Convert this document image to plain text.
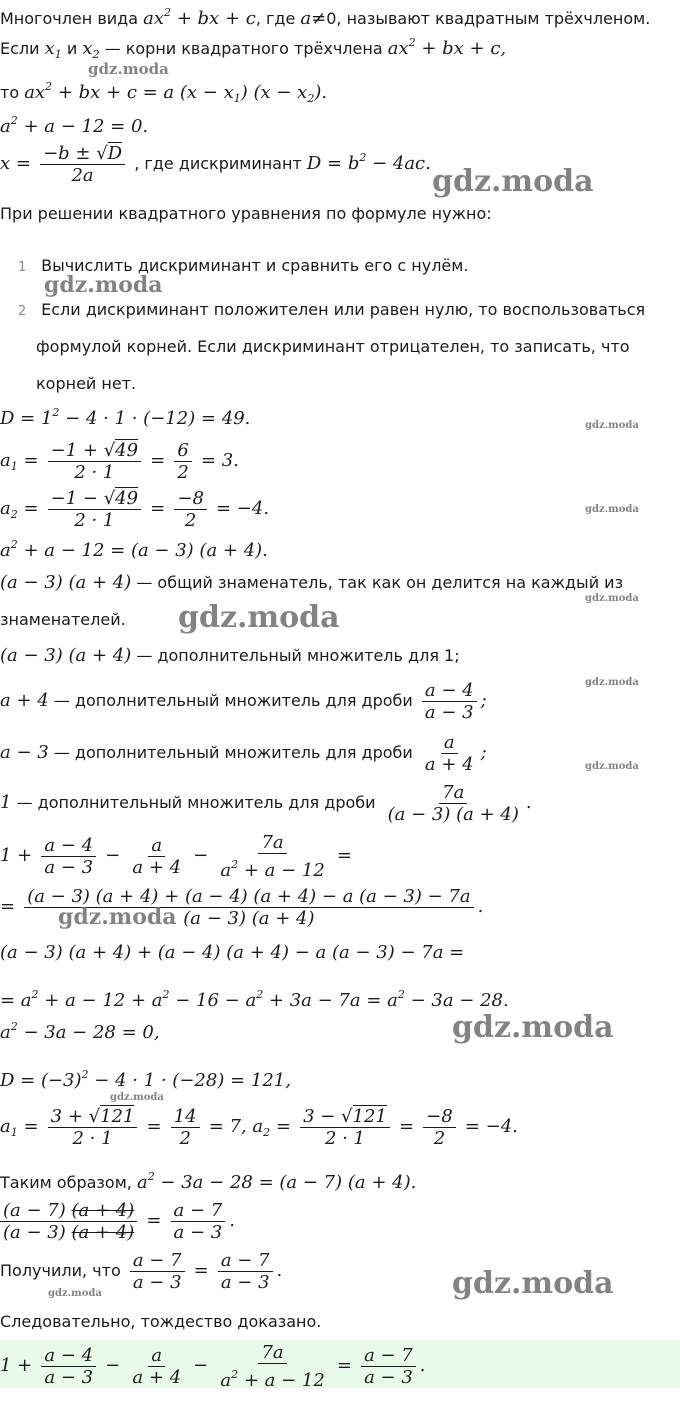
Многочлен вида $ax^2$ + bx + c, где a≠0, называют квадратным трёхчленом.
Если $x_1$ и $x_2$ — корни квадратного трёхчлена $ax^2$ + bx + c,
то $ax^2$ + bx + c = a $(x - x_1)$ $(x - x_2)$.
$a^2 + a - 12 = 0$.
$x = \frac{-b \pm √D}{2a}$ , где дискриминант $D = b^2 - 4ac$.
При решении квадратного уравнения по формуле нужно:
1 Вычислить дискриминант и сравнить его с нулём.
2 Если дискриминант положителен или равен нулю, то воспользоваться
формулой корней. Если дискриминант отрицателен, то записать, что
корней нет.
$D = 1^2 - 4 \cdot 1 \cdot (-12) = 49$.
$a_1 = \frac{-1 + √49}{2 \cdot 1} = \frac{6}{2} = 3$.
$a_2 = \frac{-1 - √49}{2 \cdot 1} = \frac{-8}{2} = -4$.
$a^2 + a - 12 = (a - 3) (a + 4)$.
(a − 3) (a + 4) — общий знаменатель, так как он делится на каждый из
знаменателей.
(a − 3) (a + 4) — дополнительный множитель для 1;
a + 4 — дополнительный множитель для дроби $\frac{a - 4}{a - 3}$ ;
a − 3 — дополнительный множитель для дроби $\frac{a}{a + 4}$ ;
1 — дополнительный множитель для дроби $\frac{7a}{(a - 3) (a + 4)}$ .
$1 + \frac{a - 4}{a - 3} - \frac{a}{a + 4} - \frac{7a}{a^2 + a - 12}$ =
= $\frac{(a - 3) (a + 4) + (a - 4) (a + 4) - a (a - 3) - 7a}{(a - 3) (a + 4)}$ .
(a − 3) (a + 4) + (a − 4) (a + 4) − a (a − 3) − 7a =
= $a^2 + a - 12 + a^2 - 16 - a^2 + 3a - 7a = a^2 - 3a - 28$.
$a^2 - 3a - 28 = 0$,
$D = (-3)^2 - 4 \cdot 1 \cdot (-28) = 121$,
$a_1 = \frac{3 + √121}{2 \cdot 1} = \frac{14}{2} = 7$, $a_2 = \frac{3 - √121}{2 \cdot 1} = \frac{-8}{2} = -4$.
Таким образом, $a^2 - 3a - 28 = (a - 7) (a + 4)$.
$\frac{(a - 7) (a + 4)}{(a - 3) (a + 4)} = \frac{a - 7}{a - 3}$ .
Получили, что $\frac{a - 7}{a - 3} = \frac{a - 7}{a - 3}$ .
Следовательно, тождество доказано.
$1 + \frac{a - 4}{a - 3} - \frac{a}{a + 4} - \frac{7a}{a^2 + a - 12} = \frac{a - 7}{a - 3}$ .
gdz.moda
gdz.moda
gdz.moda
gdz.moda
gdz.moda
gdz.moda
gdz.moda
gdz.moda
gdz.moda
gdz.moda
gdz.moda
gdz.moda
gdz.moda
gdz.moda
